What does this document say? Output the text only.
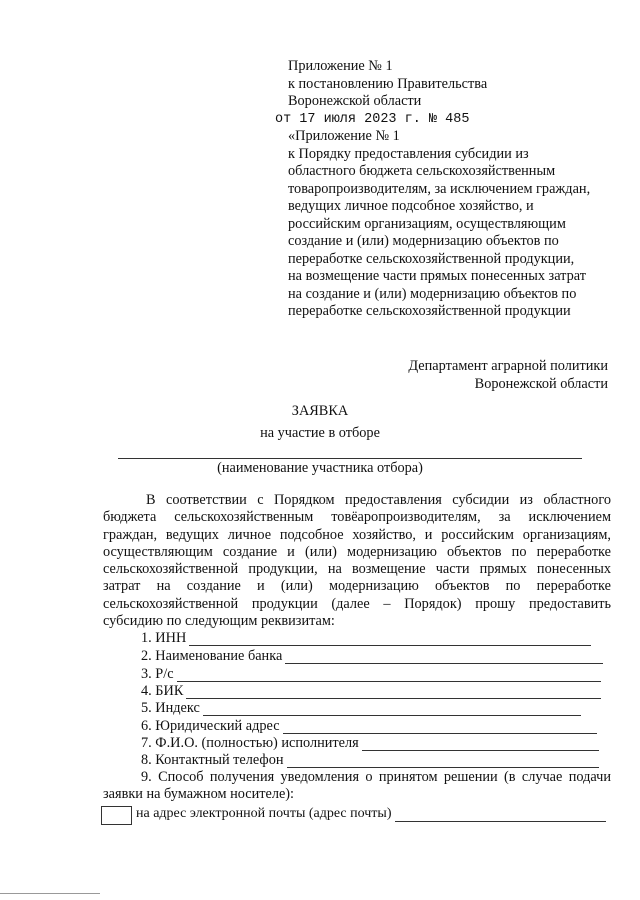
Приложение № 1
к постановлению Правительства
Воронежской области
от 17 июля 2023 г. № 485
«Приложение № 1
к Порядку предоставления субсидии из
областного бюджета сельскохозяйственным
товаропроизводителям, за исключением граждан,
ведущих личное подсобное хозяйство, и
российским организациям, осуществляющим
создание и (или) модернизацию объектов по
переработке сельскохозяйственной продукции,
на возмещение части прямых понесенных затрат
на создание и (или) модернизацию объектов по
переработке сельскохозяйственной продукции
Департамент аграрной политики
Воронежской области
ЗАЯВКА
на участие в отборе
(наименование участника отбора)
В соответствии с Порядком предоставления субсидии из областного бюджета сельскохозяйственным товёаропроизводителям, за исключением граждан, ведущих личное подсобное хозяйство, и российским организациям, осуществляющим создание и (или) модернизацию объектов по переработке сельскохозяйственной продукции, на возмещение части прямых понесенных затрат на создание и (или) модернизацию объектов по переработке сельскохозяйственной продукции (далее – Порядок) прошу предоставить субсидию по следующим реквизитам:
1. ИНН
2. Наименование банка
3. Р/с
4. БИК
5. Индекс
6. Юридический адрес
7. Ф.И.О. (полностью) исполнителя
8. Контактный телефон
9. Способ получения уведомления о принятом решении (в случае подачи заявки на бумажном носителе):
на адрес электронной почты (адрес почты)
